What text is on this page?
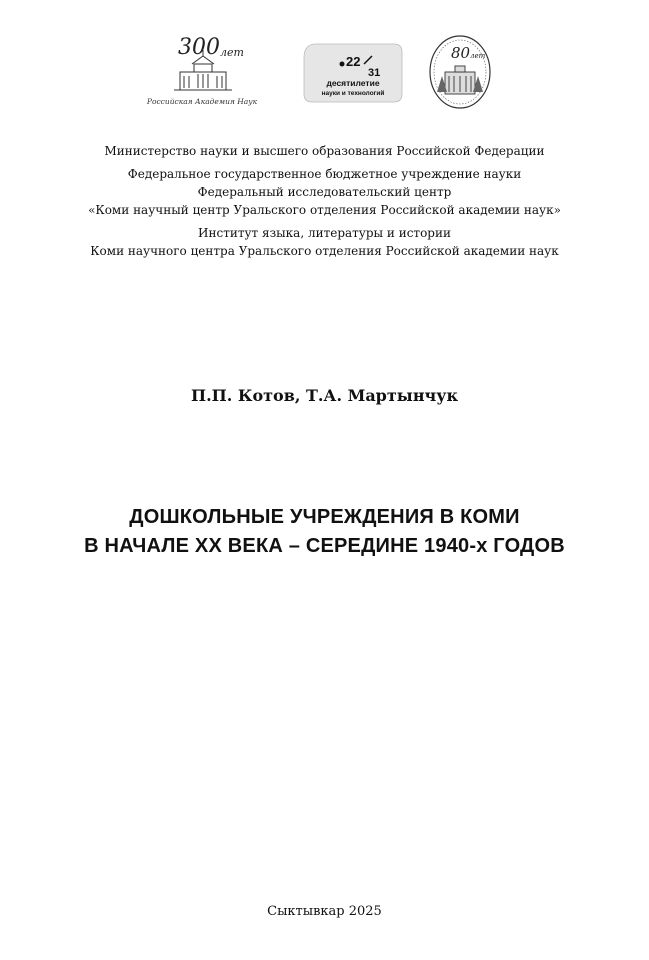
300 лет
Российская Академия Наук
22
31
десятилетие
науки и технологий
80 лет
Министерство науки и высшего образования Российской Федерации
Федеральное государственное бюджетное учреждение науки
Федеральный исследовательский центр
«Коми научный центр Уральского отделения Российской академии наук»
Институт языка, литературы и истории
Коми научного центра Уральского отделения Российской академии наук
П.П. Котов, Т.А. Мартынчук
ДОШКОЛЬНЫЕ УЧРЕЖДЕНИЯ В КОМИ
В НАЧАЛЕ XX ВЕКА – СЕРЕДИНЕ 1940-х ГОДОВ
Сыктывкар 2025
